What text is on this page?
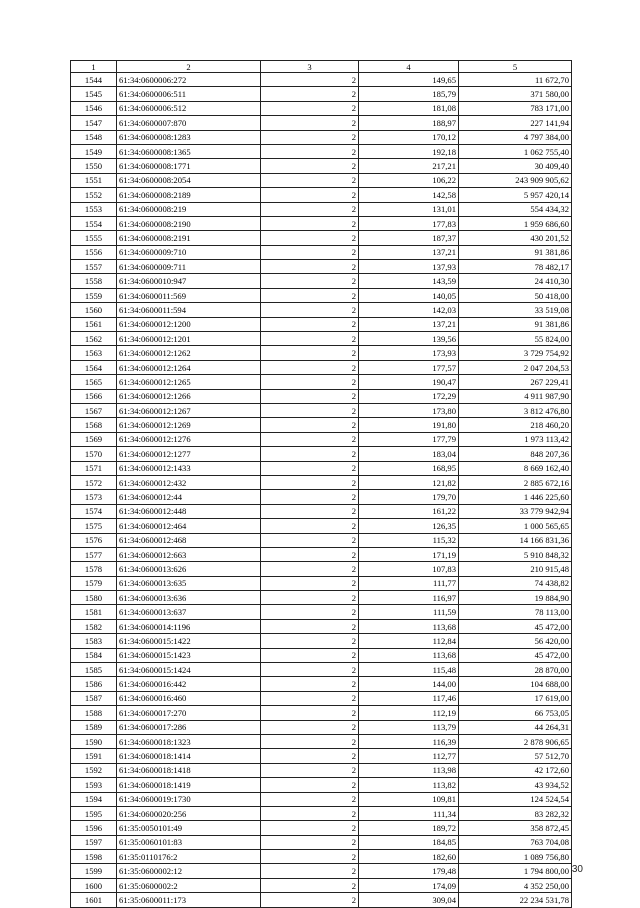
1	2	3	4	5
1544	61:34:0600006:272	2	149,65	11 672,70
1545	61:34:0600006:511	2	185,79	371 580,00
1546	61:34:0600006:512	2	181,08	783 171,00
1547	61:34:0600007:870	2	188,97	227 141,94
1548	61:34:0600008:1283	2	170,12	4 797 384,00
1549	61:34:0600008:1365	2	192,18	1 062 755,40
1550	61:34:0600008:1771	2	217,21	30 409,40
1551	61:34:0600008:2054	2	106,22	243 909 905,62
1552	61:34:0600008:2189	2	142,58	5 957 420,14
1553	61:34:0600008:219	2	131,01	554 434,32
1554	61:34:0600008:2190	2	177,83	1 959 686,60
1555	61:34:0600008:2191	2	187,37	430 201,52
1556	61:34:0600009:710	2	137,21	91 381,86
1557	61:34:0600009:711	2	137,93	78 482,17
1558	61:34:0600010:947	2	143,59	24 410,30
1559	61:34:0600011:569	2	140,05	50 418,00
1560	61:34:0600011:594	2	142,03	33 519,08
1561	61:34:0600012:1200	2	137,21	91 381,86
1562	61:34:0600012:1201	2	139,56	55 824,00
1563	61:34:0600012:1262	2	173,93	3 729 754,92
1564	61:34:0600012:1264	2	177,57	2 047 204,53
1565	61:34:0600012:1265	2	190,47	267 229,41
1566	61:34:0600012:1266	2	172,29	4 911 987,90
1567	61:34:0600012:1267	2	173,80	3 812 476,80
1568	61:34:0600012:1269	2	191,80	218 460,20
1569	61:34:0600012:1276	2	177,79	1 973 113,42
1570	61:34:0600012:1277	2	183,04	848 207,36
1571	61:34:0600012:1433	2	168,95	8 669 162,40
1572	61:34:0600012:432	2	121,82	2 885 672,16
1573	61:34:0600012:44	2	179,70	1 446 225,60
1574	61:34:0600012:448	2	161,22	33 779 942,94
1575	61:34:0600012:464	2	126,35	1 000 565,65
1576	61:34:0600012:468	2	115,32	14 166 831,36
1577	61:34:0600012:663	2	171,19	5 910 848,32
1578	61:34:0600013:626	2	107,83	210 915,48
1579	61:34:0600013:635	2	111,77	74 438,82
1580	61:34:0600013:636	2	116,97	19 884,90
1581	61:34:0600013:637	2	111,59	78 113,00
1582	61:34:0600014:1196	2	113,68	45 472,00
1583	61:34:0600015:1422	2	112,84	56 420,00
1584	61:34:0600015:1423	2	113,68	45 472,00
1585	61:34:0600015:1424	2	115,48	28 870,00
1586	61:34:0600016:442	2	144,00	104 688,00
1587	61:34:0600016:460	2	117,46	17 619,00
1588	61:34:0600017:270	2	112,19	66 753,05
1589	61:34:0600017:286	2	113,79	44 264,31
1590	61:34:0600018:1323	2	116,39	2 878 906,65
1591	61:34:0600018:1414	2	112,77	57 512,70
1592	61:34:0600018:1418	2	113,98	42 172,60
1593	61:34:0600018:1419	2	113,82	43 934,52
1594	61:34:0600019:1730	2	109,81	124 524,54
1595	61:34:0600020:256	2	111,34	83 282,32
1596	61:35:0050101:49	2	189,72	358 872,45
1597	61:35:0060101:83	2	184,85	763 704,08
1598	61:35:0110176:2	2	182,60	1 089 756,80
1599	61:35:0600002:12	2	179,48	1 794 800,00
1600	61:35:0600002:2	2	174,09	4 352 250,00
1601	61:35:0600011:173	2	309,04	22 234 531,78
30
